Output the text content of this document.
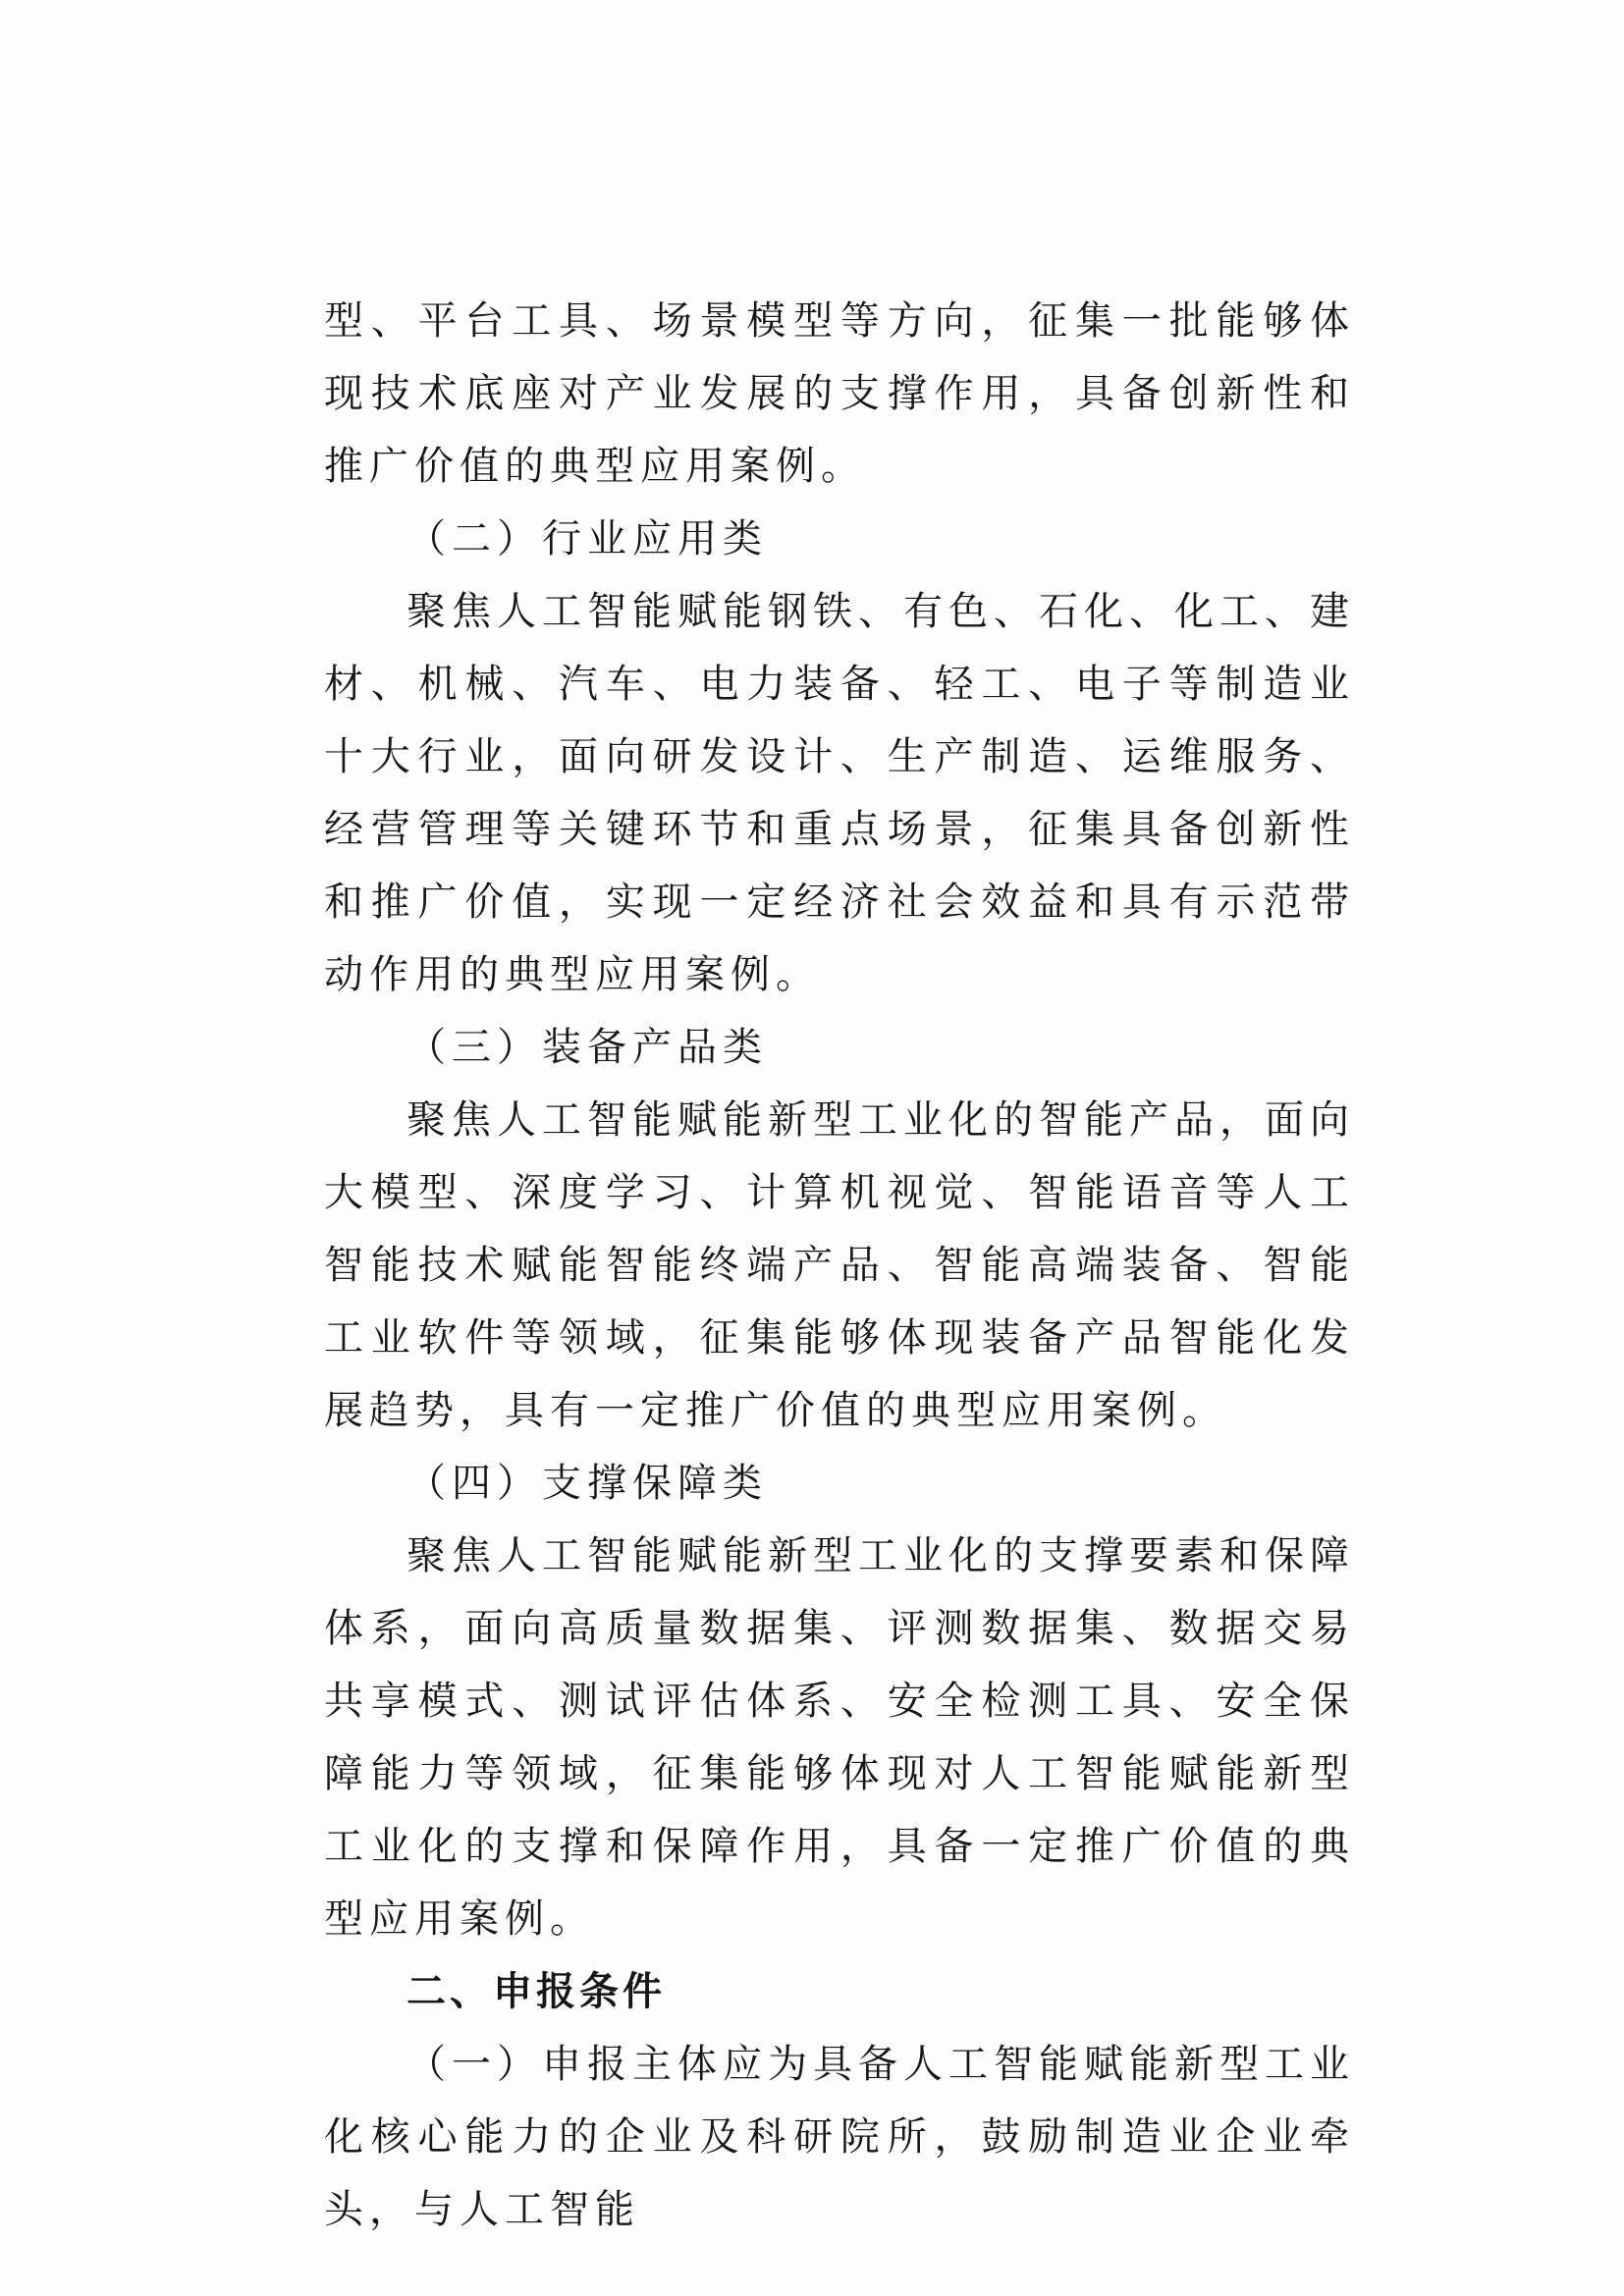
型、平台工具、场景模型等方向，征集一批能够体现技术底座对产业发展的支撑作用，具备创新性和推广价值的典型应用案例。

（二）行业应用类

聚焦人工智能赋能钢铁、有色、石化、化工、建材、机械、汽车、电力装备、轻工、电子等制造业十大行业，面向研发设计、生产制造、运维服务、经营管理等关键环节和重点场景，征集具备创新性和推广价值，实现一定经济社会效益和具有示范带动作用的典型应用案例。

（三）装备产品类

聚焦人工智能赋能新型工业化的智能产品，面向大模型、深度学习、计算机视觉、智能语音等人工智能技术赋能智能终端产品、智能高端装备、智能工业软件等领域，征集能够体现装备产品智能化发展趋势，具有一定推广价值的典型应用案例。

（四）支撑保障类

聚焦人工智能赋能新型工业化的支撑要素和保障体系，面向高质量数据集、评测数据集、数据交易共享模式、测试评估体系、安全检测工具、安全保障能力等领域，征集能够体现对人工智能赋能新型工业化的支撑和保障作用，具备一定推广价值的典型应用案例。

二、申报条件

（一）申报主体应为具备人工智能赋能新型工业化核心能力的企业及科研院所，鼓励制造业企业牵头，与人工智能
